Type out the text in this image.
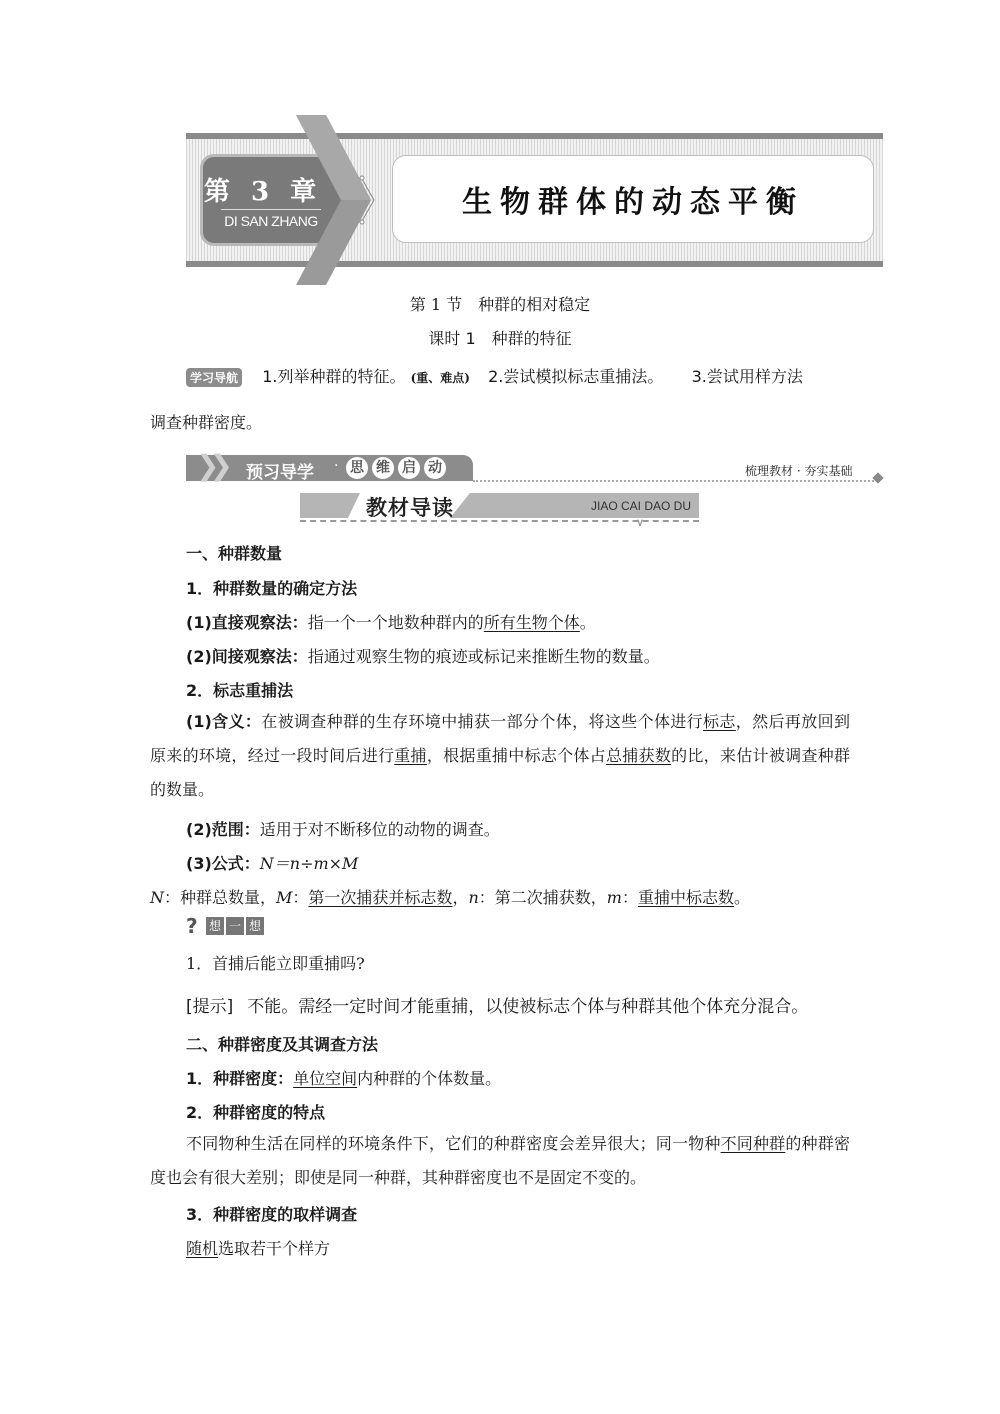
第 3 章
DI SAN ZHANG
生物群体的动态平衡
第 1 节　种群的相对稳定
课时 1　种群的特征
学习导航 1.列举种群的特征。 (重、难点) 2.尝试模拟标志重捕法。 3.尝试用样方法
调查种群密度。
❯❯ 预习导学 · 思 维 启 动	梳理教材 · 夯实基础
教材导读	JIAO CAI DAO DU
∨
一、种群数量
1．种群数量的确定方法
(1)直接观察法：指一个一个地数种群内的所有生物个体。
(2)间接观察法：指通过观察生物的痕迹或标记来推断生物的数量。
2．标志重捕法
(1)含义：在被调查种群的生存环境中捕获一部分个体，将这些个体进行标志，然后再放回到原来的环境，经过一段时间后进行重捕，根据重捕中标志个体占总捕获数的比，来估计被调查种群的数量。
(2)范围：适用于对不断移位的动物的调查。
(3)公式：N＝n÷m×M
N：种群总数量，M：第一次捕获并标志数，n：第二次捕获数，m：重捕中标志数。
? 想 一 想
1．首捕后能立即重捕吗?
[提示] 不能。需经一定时间才能重捕，以使被标志个体与种群其他个体充分混合。
二、种群密度及其调查方法
1．种群密度：单位空间内种群的个体数量。
2．种群密度的特点
不同物种生活在同样的环境条件下，它们的种群密度会差异很大；同一物种不同种群的种群密度也会有很大差别；即使是同一种群，其种群密度也不是固定不变的。
3．种群密度的取样调查
随机选取若干个样方
